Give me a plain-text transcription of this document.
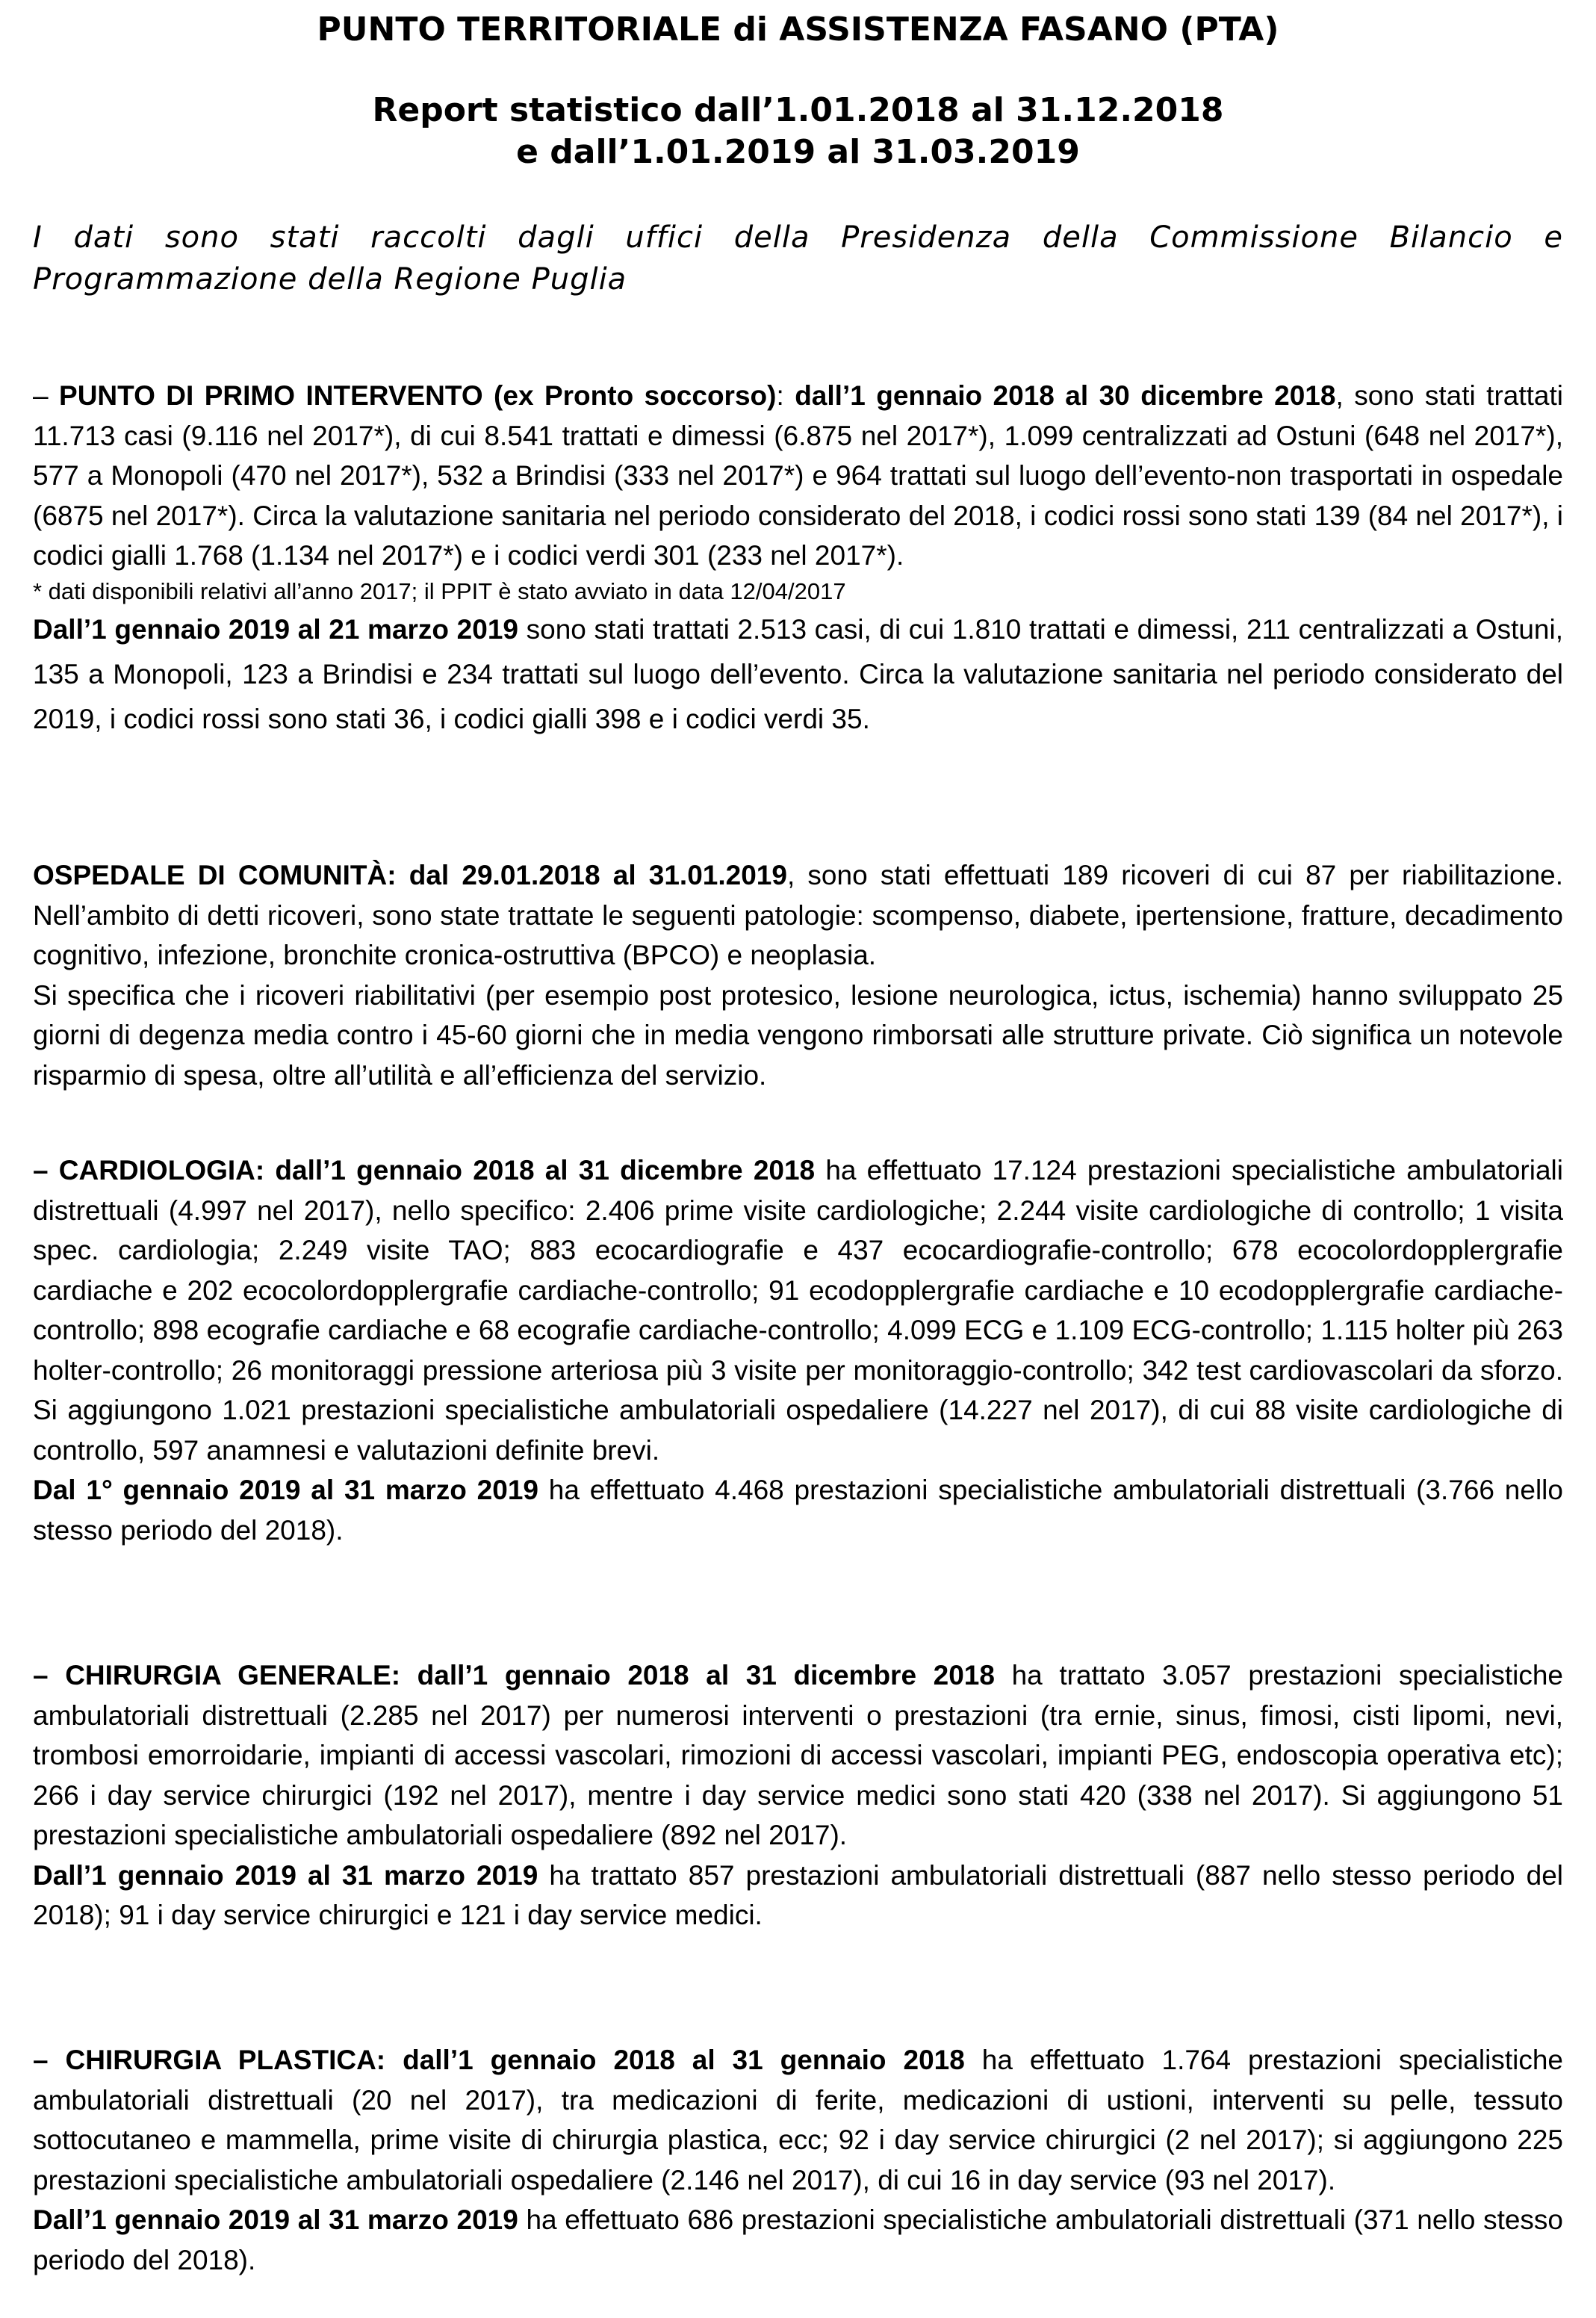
PUNTO TERRITORIALE di ASSISTENZA FASANO (PTA)
Report statistico dall’1.01.2018 al 31.12.2018
e dall’1.01.2019 al 31.03.2019

I dati sono stati raccolti dagli uffici della Presidenza della Commissione Bilancio e Programmazione della Regione Puglia

– PUNTO DI PRIMO INTERVENTO (ex Pronto soccorso): dall’1 gennaio 2018 al 30 dicembre 2018, sono stati trattati 11.713 casi (9.116 nel 2017*), di cui 8.541 trattati e dimessi (6.875 nel 2017*), 1.099 centralizzati ad Ostuni (648 nel 2017*), 577 a Monopoli (470 nel 2017*), 532 a Brindisi (333 nel 2017*) e 964 trattati sul luogo dell’evento-non trasportati in ospedale (6875 nel 2017*). Circa la valutazione sanitaria nel periodo considerato del 2018, i codici rossi sono stati 139 (84 nel 2017*), i codici gialli 1.768 (1.134 nel 2017*) e i codici verdi 301 (233 nel 2017*).

* dati disponibili relativi all’anno 2017; il PPIT è stato avviato in data 12/04/2017

Dall’1 gennaio 2019 al 21 marzo 2019 sono stati trattati 2.513 casi, di cui 1.810 trattati e dimessi, 211 centralizzati a Ostuni, 135 a Monopoli, 123 a Brindisi e 234 trattati sul luogo dell’evento. Circa la valutazione sanitaria nel periodo considerato del 2019, i codici rossi sono stati 36, i codici gialli 398 e i codici verdi 35.

OSPEDALE DI COMUNITÀ: dal 29.01.2018 al 31.01.2019, sono stati effettuati 189 ricoveri di cui 87 per riabilitazione. Nell’ambito di detti ricoveri, sono state trattate le seguenti patologie: scompenso, diabete, ipertensione, fratture, decadimento cognitivo, infezione, bronchite cronica-ostruttiva (BPCO) e neoplasia.

Si specifica che i ricoveri riabilitativi (per esempio post protesico, lesione neurologica, ictus, ischemia) hanno sviluppato 25 giorni di degenza media contro i 45-60 giorni che in media vengono rimborsati alle strutture private. Ciò significa un notevole risparmio di spesa, oltre all’utilità e all’efficienza del servizio.

– CARDIOLOGIA: dall’1 gennaio 2018 al 31 dicembre 2018 ha effettuato 17.124 prestazioni specialistiche ambulatoriali distrettuali (4.997 nel 2017), nello specifico: 2.406 prime visite cardiologiche; 2.244 visite cardiologiche di controllo; 1 visita spec. cardiologia; 2.249 visite TAO; 883 ecocardiografie e 437 ecocardiografie-controllo; 678 ecocolordopplergrafie cardiache e 202 ecocolordopplergrafie cardiache-controllo; 91 ecodopplergrafie cardiache e 10 ecodopplergrafie cardiache-controllo; 898 ecografie cardiache e 68 ecografie cardiache-controllo; 4.099 ECG e 1.109 ECG-controllo; 1.115 holter più 263 holter-controllo; 26 monitoraggi pressione arteriosa più 3 visite per monitoraggio-controllo; 342 test cardiovascolari da sforzo. Si aggiungono 1.021 prestazioni specialistiche ambulatoriali ospedaliere (14.227 nel 2017), di cui 88 visite cardiologiche di controllo, 597 anamnesi e valutazioni definite brevi.

Dal 1° gennaio 2019 al 31 marzo 2019 ha effettuato 4.468 prestazioni specialistiche ambulatoriali distrettuali (3.766 nello stesso periodo del 2018).

– CHIRURGIA GENERALE: dall’1 gennaio 2018 al 31 dicembre 2018 ha trattato 3.057 prestazioni specialistiche ambulatoriali distrettuali (2.285 nel 2017) per numerosi interventi o prestazioni (tra ernie, sinus, fimosi, cisti lipomi, nevi, trombosi emorroidarie, impianti di accessi vascolari, rimozioni di accessi vascolari, impianti PEG, endoscopia operativa etc); 266 i day service chirurgici (192 nel 2017), mentre i day service medici sono stati 420 (338 nel 2017). Si aggiungono 51 prestazioni specialistiche ambulatoriali ospedaliere (892 nel 2017).

Dall’1 gennaio 2019 al 31 marzo 2019 ha trattato 857 prestazioni ambulatoriali distrettuali (887 nello stesso periodo del 2018); 91 i day service chirurgici e 121 i day service medici.

– CHIRURGIA PLASTICA: dall’1 gennaio 2018 al 31 gennaio 2018 ha effettuato 1.764 prestazioni specialistiche ambulatoriali distrettuali (20 nel 2017), tra medicazioni di ferite, medicazioni di ustioni, interventi su pelle, tessuto sottocutaneo e mammella, prime visite di chirurgia plastica, ecc; 92 i day service chirurgici (2 nel 2017); si aggiungono 225 prestazioni specialistiche ambulatoriali ospedaliere (2.146 nel 2017), di cui 16 in day service (93 nel 2017).

Dall’1 gennaio 2019 al 31 marzo 2019 ha effettuato 686 prestazioni specialistiche ambulatoriali distrettuali (371 nello stesso periodo del 2018).
